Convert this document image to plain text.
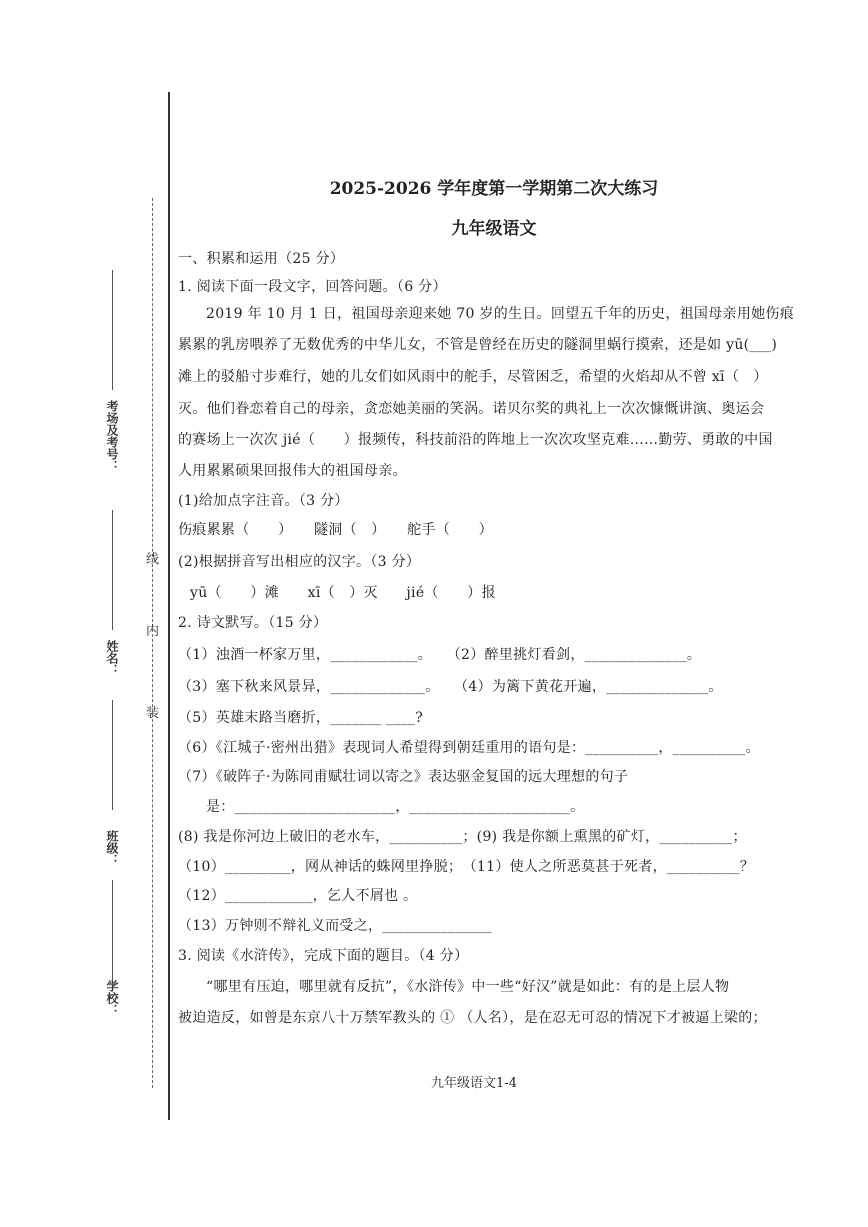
考场及考号：
线
内
姓名：
装
班级：
学校：
2025-2026 学年度第一学期第二次大练习
九年级语文
一、积累和运用（25 分）
1. 阅读下面一段文字，回答问题。（6 分）
2019 年 10 月 1 日，祖国母亲迎来她 70 岁的生日。回望五千年的历史，祖国母亲用她伤痕
累累的乳房喂养了无数优秀的中华儿女，不管是曾经在历史的隧洞里蜗行摸索，还是如 yū(___)
滩上的驳船寸步难行，她的儿女们如风雨中的舵手，尽管困乏，希望的火焰却从不曾 xī（　）
灭。他们眷恋着自己的母亲，贪恋她美丽的笑涡。诺贝尔奖的典礼上一次次慷慨讲演、奥运会
的赛场上一次次 jié（　　）报频传，科技前沿的阵地上一次次攻坚克难……勤劳、勇敢的中国
人用累累硕果回报伟大的祖国母亲。
(1)给加点字注音。（3 分）
伤痕累累（　　）　　隧洞（　）　　舵手（　　）
(2)根据拼音写出相应的汉字。（3 分）
yū（　　）滩　　xī（　）灭　　jié（　　）报
2. 诗文默写。（15 分）
（1）浊酒一杯家万里，____________。　　（2）醉里挑灯看剑，______________。
（3）塞下秋来风景异，_____________。　　（4）为篱下黄花开遍，______________。
（5）英雄末路当磨折，_______ ____?
（6）《江城子·密州出猎》表现词人希望得到朝廷重用的语句是：__________，__________。
（7）《破阵子·为陈同甫赋壮词以寄之》表达驱金复国的远大理想的句子
是：______________________，______________________。
(8) 我是你河边上破旧的老水车，__________；(9) 我是你额上熏黑的矿灯，__________；
（10）_________，网从神话的蛛网里挣脱；　（11）使人之所恶莫甚于死者，__________？
（12）____________，乞人不屑也 。
（13）万钟则不辩礼义而受之，_______________
3. 阅读《水浒传》，完成下面的题目。（4 分）
“哪里有压迫，哪里就有反抗”，《水浒传》中一些“好汉”就是如此：有的是上层人物
被迫造反，如曾是东京八十万禁军教头的 ① （人名），是在忍无可忍的情况下才被逼上梁的；
九年级语文1-4
